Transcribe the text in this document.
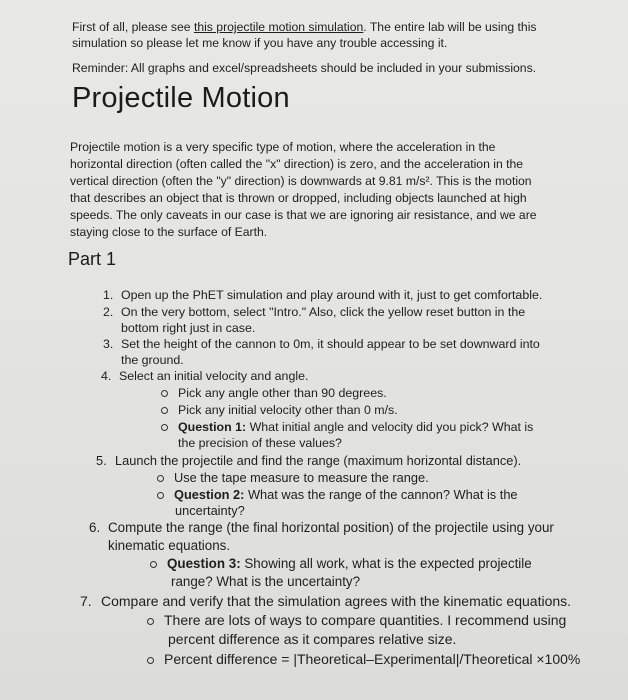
First of all, please see this projectile motion simulation. The entire lab will be using this
simulation so please let me know if you have any trouble accessing it.
Reminder: All graphs and excel/spreadsheets should be included in your submissions.
Projectile Motion
Projectile motion is a very specific type of motion, where the acceleration in the
horizontal direction (often called the "x" direction) is zero, and the acceleration in the
vertical direction (often the "y" direction) is downwards at 9.81 m/s². This is the motion
that describes an object that is thrown or dropped, including objects launched at high
speeds. The only caveats in our case is that we are ignoring air resistance, and we are
staying close to the surface of Earth.
Part 1
1. Open up the PhET simulation and play around with it, just to get comfortable.
2. On the very bottom, select "Intro." Also, click the yellow reset button in the
bottom right just in case.
3. Set the height of the cannon to 0m, it should appear to be set downward into
the ground.
4. Select an initial velocity and angle.
Pick any angle other than 90 degrees.
Pick any initial velocity other than 0 m/s.
Question 1: What initial angle and velocity did you pick? What is
the precision of these values?
5. Launch the projectile and find the range (maximum horizontal distance).
Use the tape measure to measure the range.
Question 2: What was the range of the cannon? What is the
uncertainty?
6. Compute the range (the final horizontal position) of the projectile using your
kinematic equations.
Question 3: Showing all work, what is the expected projectile
range? What is the uncertainty?
7. Compare and verify that the simulation agrees with the kinematic equations.
There are lots of ways to compare quantities. I recommend using
percent difference as it compares relative size.
Percent difference = |Theoretical–Experimental|/Theoretical ×100%
